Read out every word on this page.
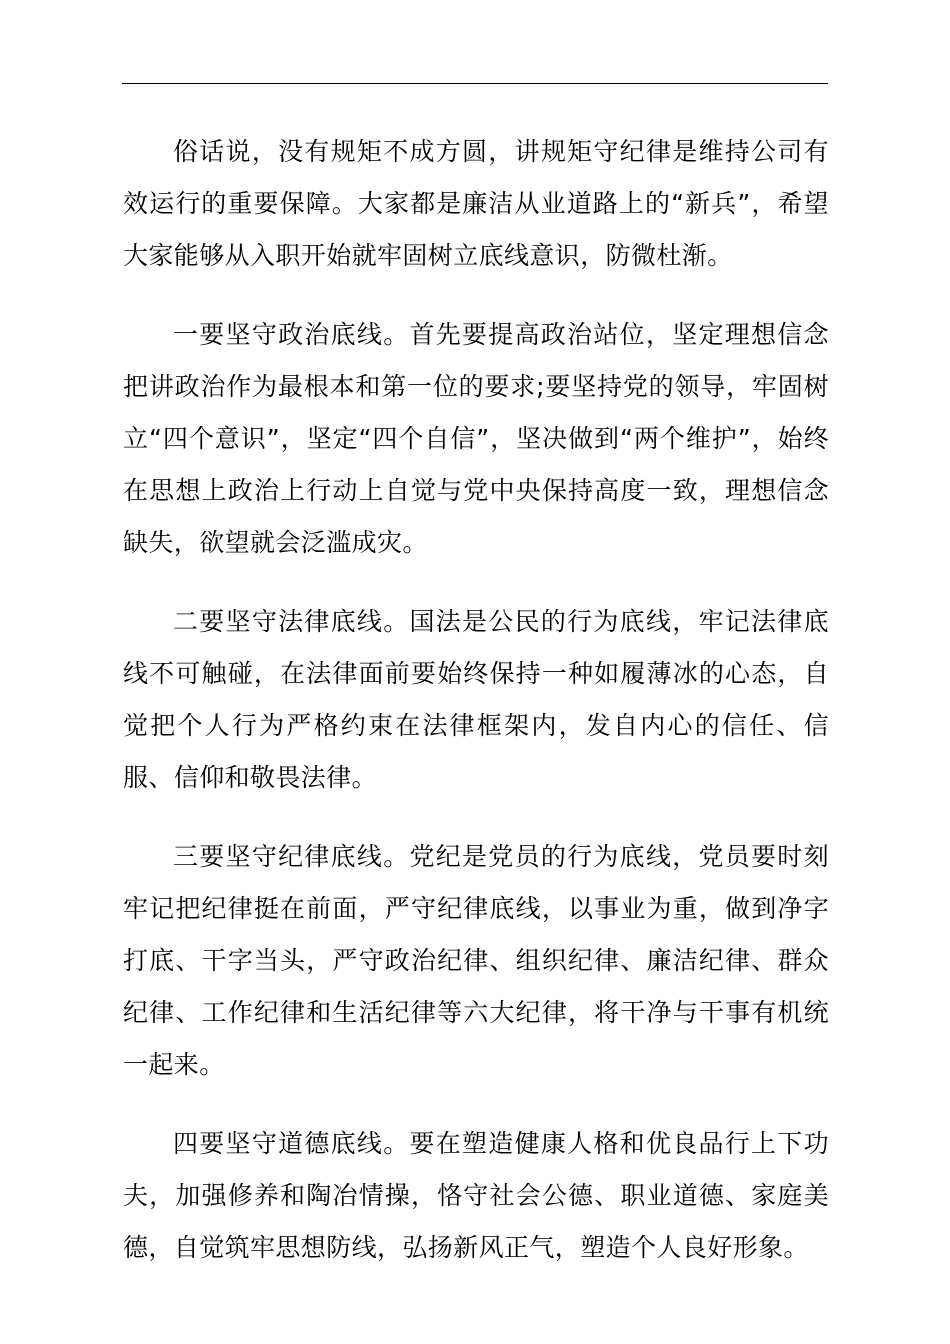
俗话说，没有规矩不成方圆，讲规矩守纪律是维持公司有效运行的重要保障。大家都是廉洁从业道路上的“新兵”，希望大家能够从入职开始就牢固树立底线意识，防微杜渐。

一要坚守政治底线。首先要提高政治站位，坚定理想信念把讲政治作为最根本和第一位的要求;要坚持党的领导，牢固树立“四个意识”，坚定“四个自信”，坚决做到“两个维护”，始终在思想上政治上行动上自觉与党中央保持高度一致，理想信念缺失，欲望就会泛滥成灾。

二要坚守法律底线。国法是公民的行为底线，牢记法律底线不可触碰，在法律面前要始终保持一种如履薄冰的心态，自觉把个人行为严格约束在法律框架内，发自内心的信任、信服、信仰和敬畏法律。

三要坚守纪律底线。党纪是党员的行为底线，党员要时刻牢记把纪律挺在前面，严守纪律底线，以事业为重，做到净字打底、干字当头，严守政治纪律、组织纪律、廉洁纪律、群众纪律、工作纪律和生活纪律等六大纪律，将干净与干事有机统一起来。

四要坚守道德底线。要在塑造健康人格和优良品行上下功夫，加强修养和陶冶情操，恪守社会公德、职业道德、家庭美德，自觉筑牢思想防线，弘扬新风正气，塑造个人良好形象。
